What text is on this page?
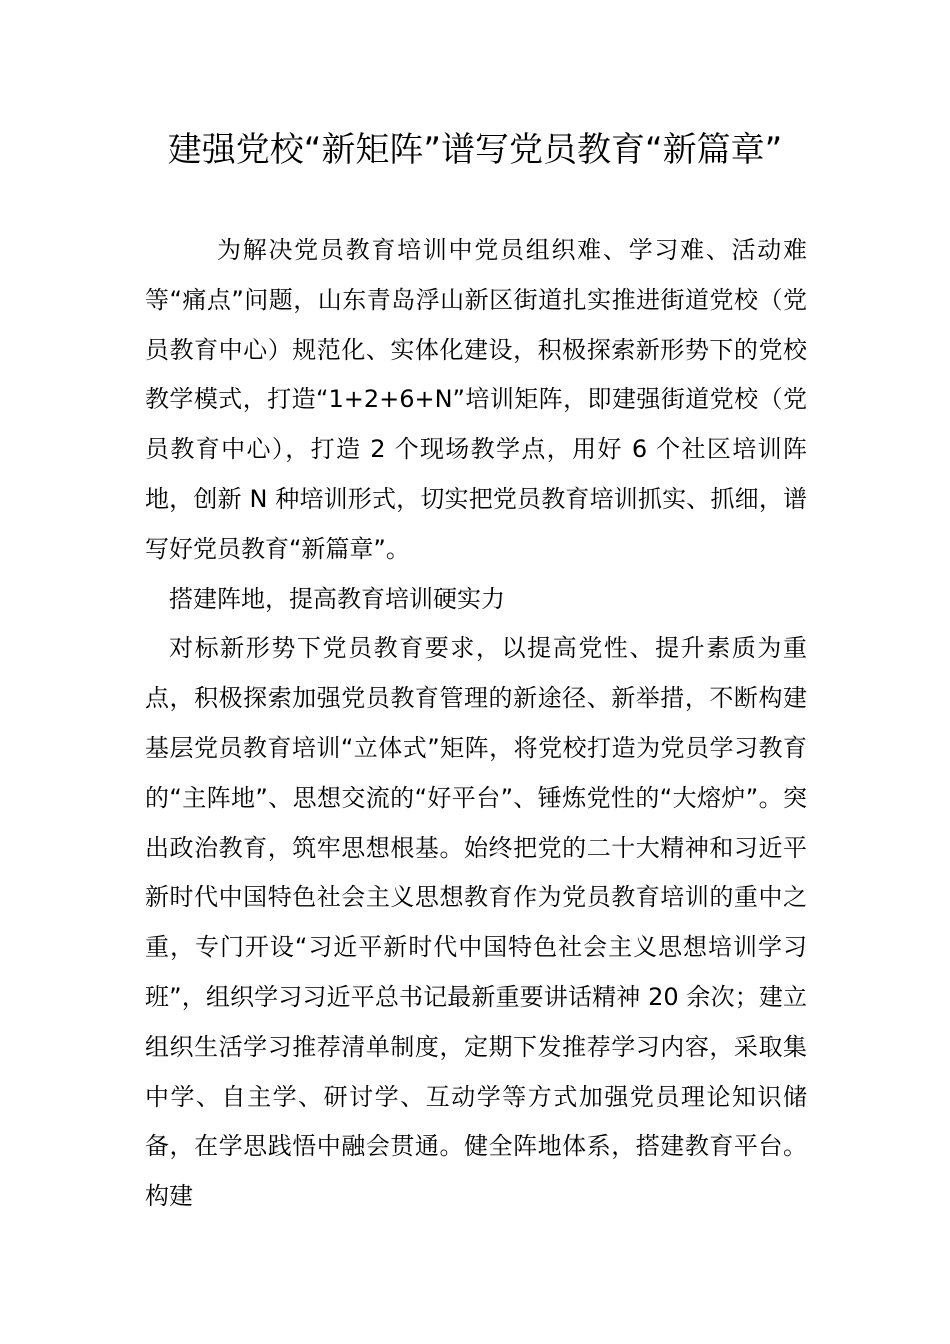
建强党校“新矩阵”谱写党员教育“新篇章”

为解决党员教育培训中党员组织难、学习难、活动难等“痛点”问题，山东青岛浮山新区街道扎实推进街道党校（党员教育中心）规范化、实体化建设，积极探索新形势下的党校教学模式，打造“1+2+6+N”培训矩阵，即建强街道党校（党员教育中心），打造 2 个现场教学点，用好 6 个社区培训阵地，创新 N 种培训形式，切实把党员教育培训抓实、抓细，谱写好党员教育“新篇章”。

搭建阵地，提高教育培训硬实力

对标新形势下党员教育要求，以提高党性、提升素质为重点，积极探索加强党员教育管理的新途径、新举措，不断构建基层党员教育培训“立体式”矩阵，将党校打造为党员学习教育的“主阵地”、思想交流的“好平台”、锤炼党性的“大熔炉”。突出政治教育，筑牢思想根基。始终把党的二十大精神和习近平新时代中国特色社会主义思想教育作为党员教育培训的重中之重，专门开设“习近平新时代中国特色社会主义思想培训学习班”，组织学习习近平总书记最新重要讲话精神 20 余次；建立组织生活学习推荐清单制度，定期下发推荐学习内容，采取集中学、自主学、研讨学、互动学等方式加强党员理论知识储备，在学思践悟中融会贯通。健全阵地体系，搭建教育平台。构建
